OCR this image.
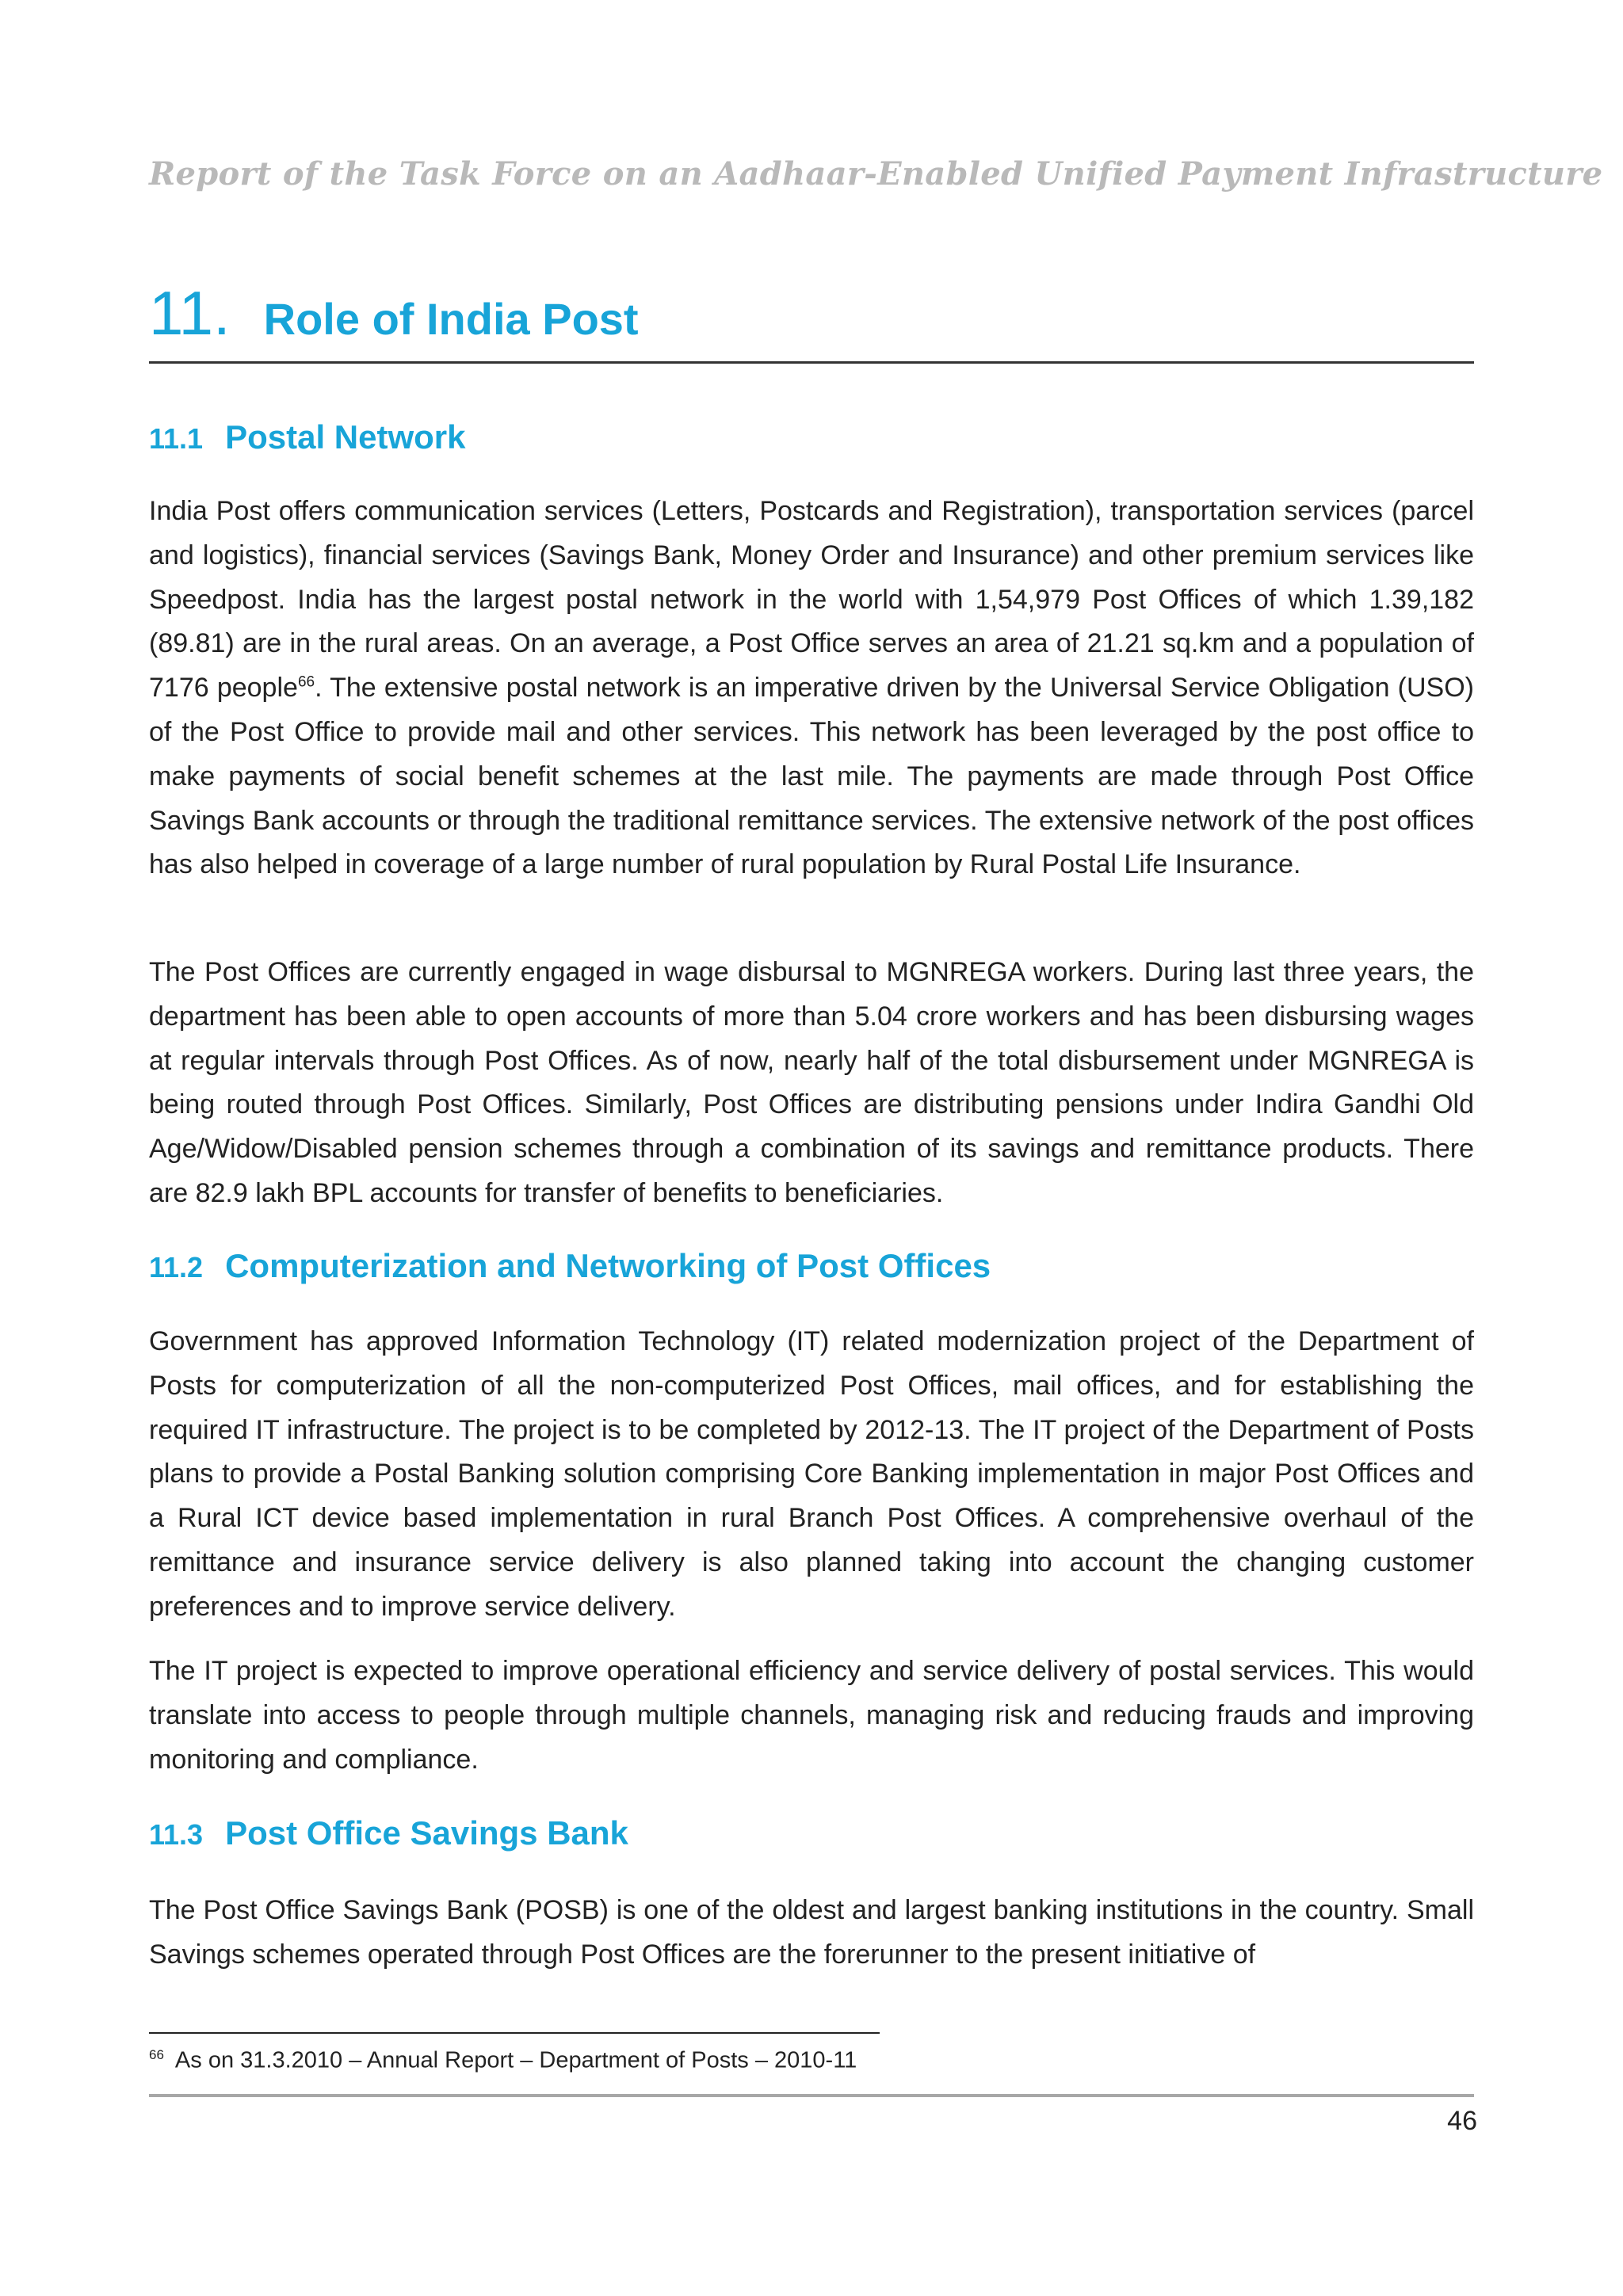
Report of the Task Force on an Aadhaar-Enabled Unified Payment Infrastructure
11. Role of India Post
11.1 Postal Network

India Post offers communication services (Letters, Postcards and Registration), transportation services (parcel and logistics), financial services (Savings Bank, Money Order and Insurance) and other premium services like Speedpost. India has the largest postal network in the world with 1,54,979 Post Offices of which 1.39,182 (89.81) are in the rural areas. On an average, a Post Office serves an area of 21.21 sq.km and a population of 7176 people$^{66}$. The extensive postal network is an imperative driven by the Universal Service Obligation (USO) of the Post Office to provide mail and other services. This network has been leveraged by the post office to make payments of social benefit schemes at the last mile. The payments are made through Post Office Savings Bank accounts or through the traditional remittance services. The extensive network of the post offices has also helped in coverage of a large number of rural population by Rural Postal Life Insurance.

The Post Offices are currently engaged in wage disbursal to MGNREGA workers. During last three years, the department has been able to open accounts of more than 5.04 crore workers and has been disbursing wages at regular intervals through Post Offices. As of now, nearly half of the total disbursement under MGNREGA is being routed through Post Offices. Similarly, Post Offices are distributing pensions under Indira Gandhi Old Age/Widow/Disabled pension schemes through a combination of its savings and remittance products. There are 82.9 lakh BPL accounts for transfer of benefits to beneficiaries.

11.2 Computerization and Networking of Post Offices

Government has approved Information Technology (IT) related modernization project of the Department of Posts for computerization of all the non-computerized Post Offices, mail offices, and for establishing the required IT infrastructure. The project is to be completed by 2012-13. The IT project of the Department of Posts plans to provide a Postal Banking solution comprising Core Banking implementation in major Post Offices and a Rural ICT device based implementation in rural Branch Post Offices. A comprehensive overhaul of the remittance and insurance service delivery is also planned taking into account the changing customer preferences and to improve service delivery.

The IT project is expected to improve operational efficiency and service delivery of postal services. This would translate into access to people through multiple channels, managing risk and reducing frauds and improving monitoring and compliance.

11.3 Post Office Savings Bank

The Post Office Savings Bank (POSB) is one of the oldest and largest banking institutions in the country. Small Savings schemes operated through Post Offices are the forerunner to the present initiative of

$^{66}$ As on 31.3.2010 – Annual Report – Department of Posts – 2010-11
46
